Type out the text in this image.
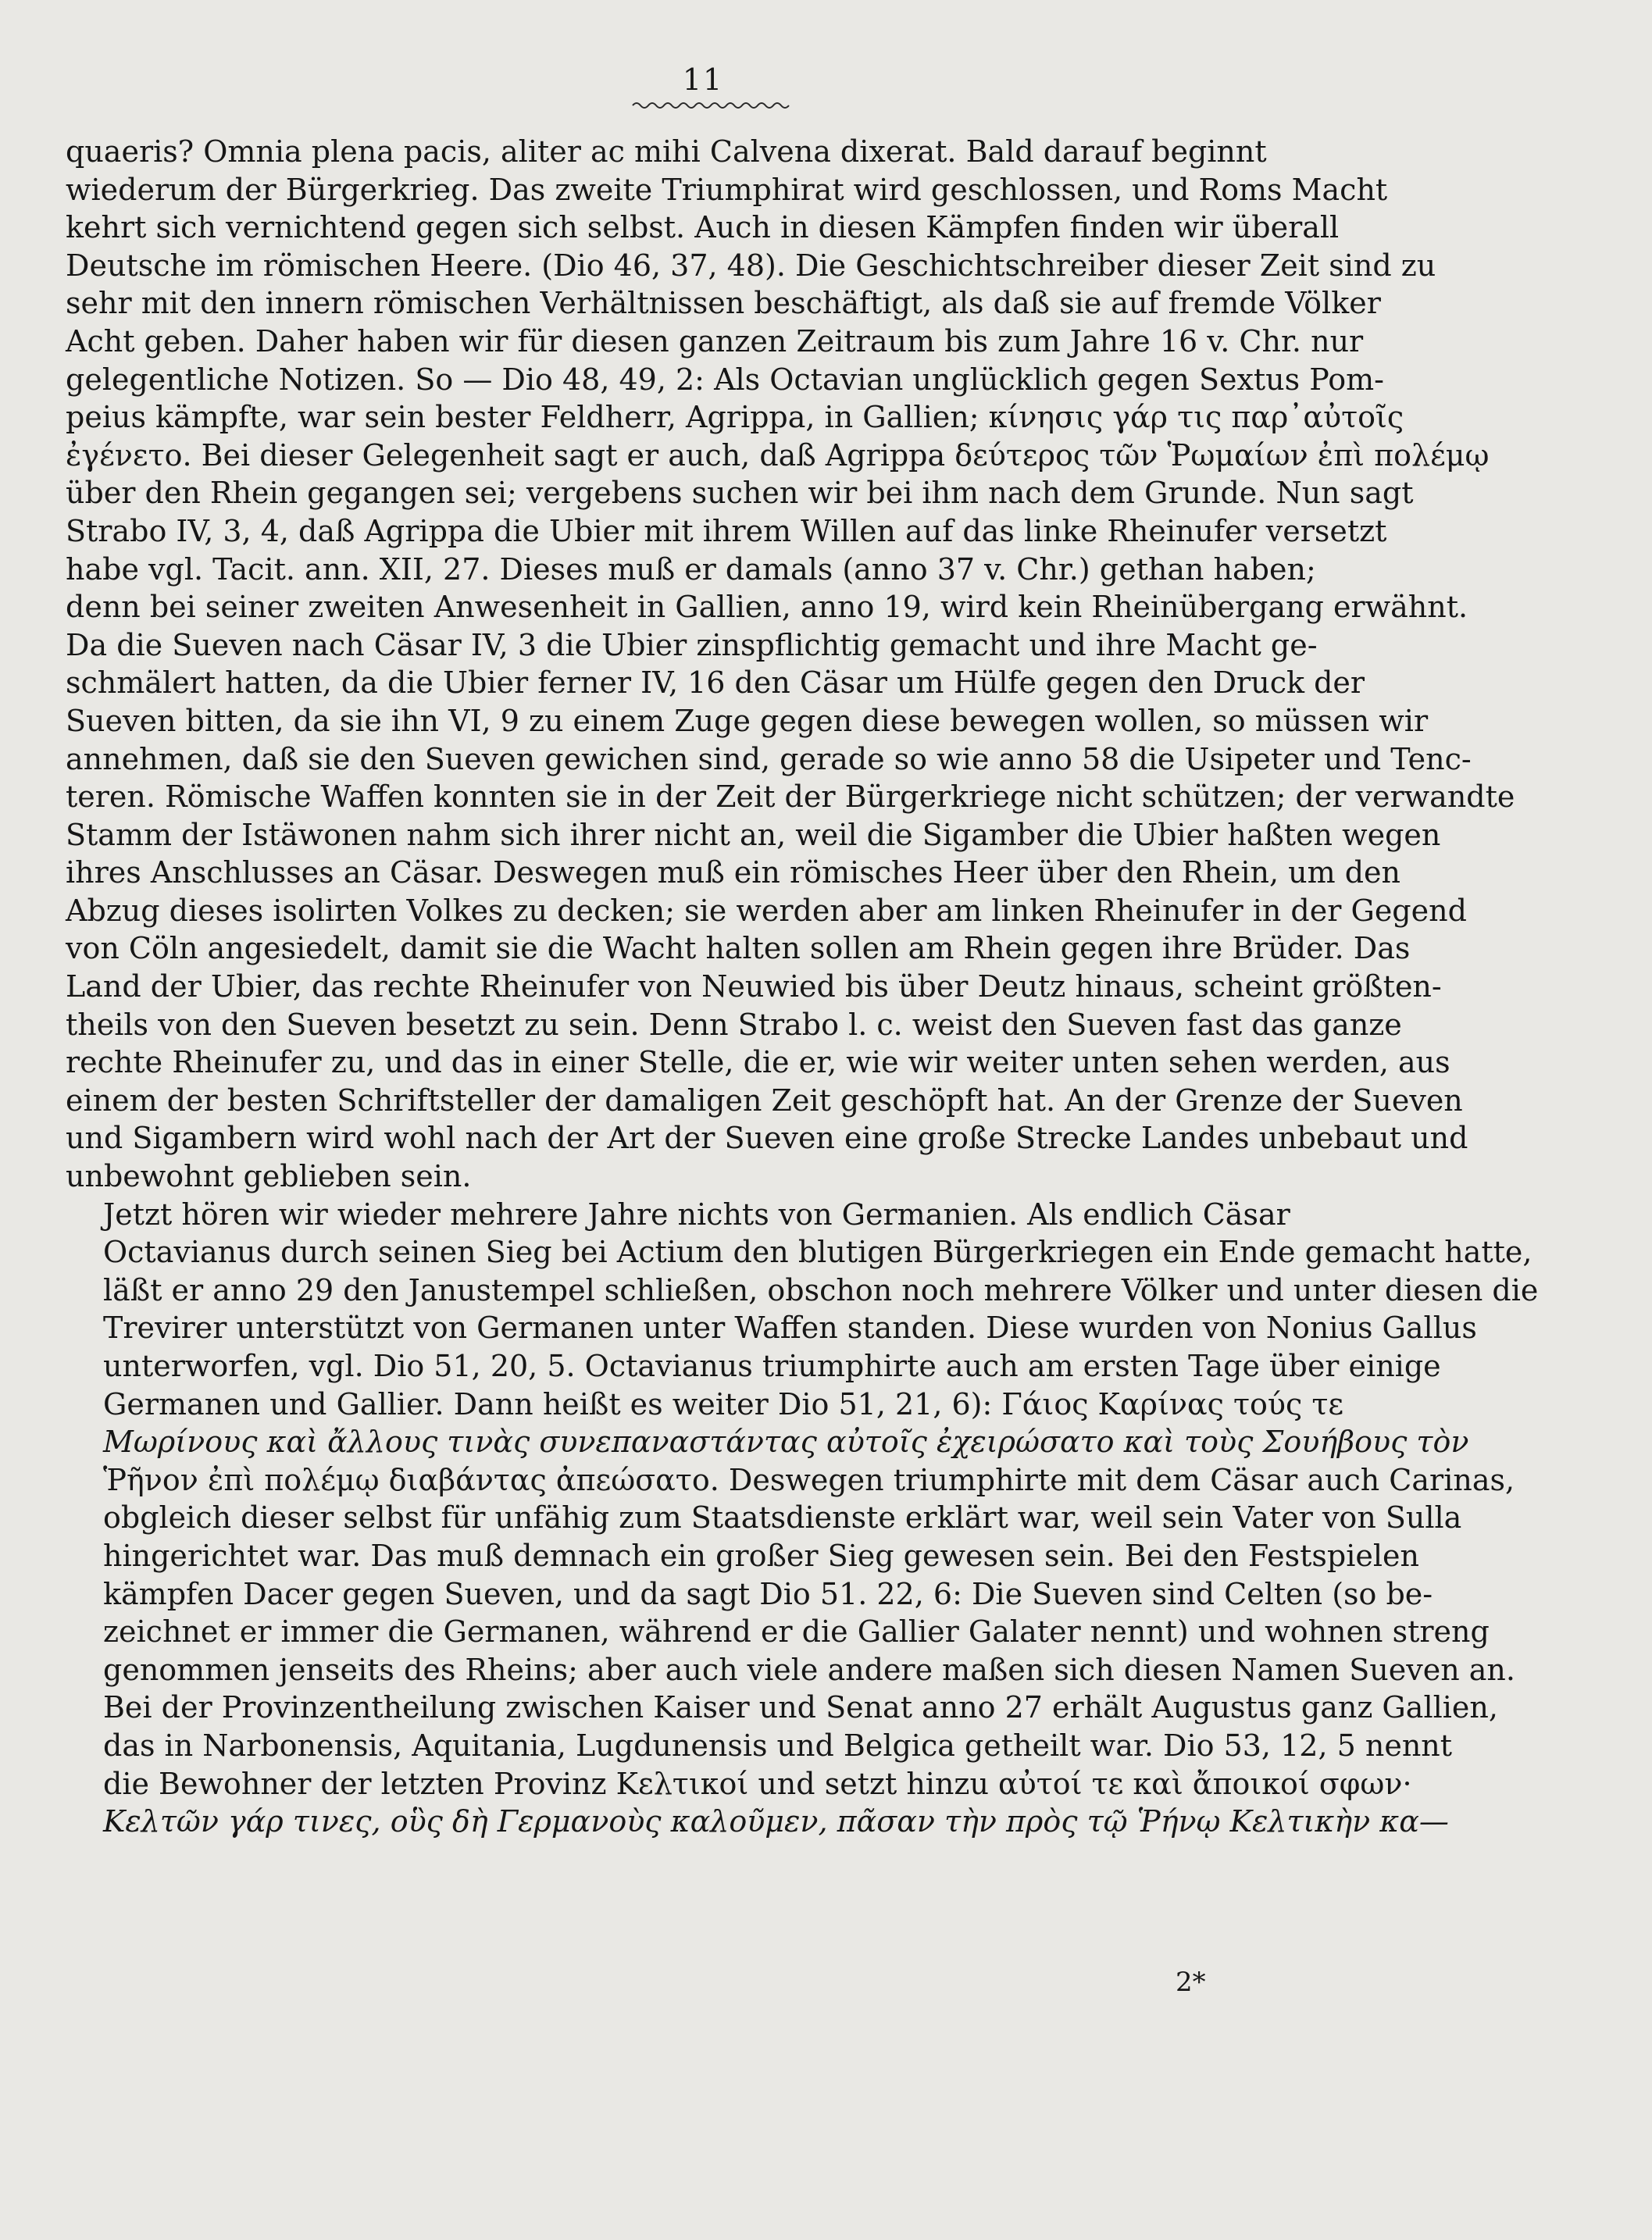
11

quaeris? Omnia plena pacis, aliter ac mihi Calvena dixerat. Bald darauf beginnt
wiederum der Bürgerkrieg. Das zweite Triumphirat wird geschlossen, und Roms Macht
kehrt sich vernichtend gegen sich selbst. Auch in diesen Kämpfen finden wir überall
Deutsche im römischen Heere. (Dio 46, 37, 48). Die Geschichtschreiber dieser Zeit sind zu
sehr mit den innern römischen Verhältnissen beschäftigt, als daß sie auf fremde Völker
Acht geben. Daher haben wir für diesen ganzen Zeitraum bis zum Jahre 16 v. Chr. nur
gelegentliche Notizen. So — Dio 48, 49, 2: Als Octavian unglücklich gegen Sextus Pom-
peius kämpfte, war sein bester Feldherr, Agrippa, in Gallien; κίνησις γάρ τις παρ᾽αὐτοῖς
ἐγένετο. Bei dieser Gelegenheit sagt er auch, daß Agrippa δεύτερος τῶν Ῥωμαίων ἐπὶ πολέμῳ
über den Rhein gegangen sei; vergebens suchen wir bei ihm nach dem Grunde. Nun sagt
Strabo IV, 3, 4, daß Agrippa die Ubier mit ihrem Willen auf das linke Rheinufer versetzt
habe vgl. Tacit. ann. XII, 27. Dieses muß er damals (anno 37 v. Chr.) gethan haben;
denn bei seiner zweiten Anwesenheit in Gallien, anno 19, wird kein Rheinübergang erwähnt.
Da die Sueven nach Cäsar IV, 3 die Ubier zinspflichtig gemacht und ihre Macht ge-
schmälert hatten, da die Ubier ferner IV, 16 den Cäsar um Hülfe gegen den Druck der
Sueven bitten, da sie ihn VI, 9 zu einem Zuge gegen diese bewegen wollen, so müssen wir
annehmen, daß sie den Sueven gewichen sind, gerade so wie anno 58 die Usipeter und Tenc-
teren. Römische Waffen konnten sie in der Zeit der Bürgerkriege nicht schützen; der verwandte
Stamm der Istäwonen nahm sich ihrer nicht an, weil die Sigamber die Ubier haßten wegen
ihres Anschlusses an Cäsar. Deswegen muß ein römisches Heer über den Rhein, um den
Abzug dieses isolirten Volkes zu decken; sie werden aber am linken Rheinufer in der Gegend
von Cöln angesiedelt, damit sie die Wacht halten sollen am Rhein gegen ihre Brüder. Das
Land der Ubier, das rechte Rheinufer von Neuwied bis über Deutz hinaus, scheint größten-
theils von den Sueven besetzt zu sein. Denn Strabo l. c. weist den Sueven fast das ganze
rechte Rheinufer zu, und das in einer Stelle, die er, wie wir weiter unten sehen werden, aus
einem der besten Schriftsteller der damaligen Zeit geschöpft hat. An der Grenze der Sueven
und Sigambern wird wohl nach der Art der Sueven eine große Strecke Landes unbebaut und
unbewohnt geblieben sein.

Jetzt hören wir wieder mehrere Jahre nichts von Germanien. Als endlich Cäsar
Octavianus durch seinen Sieg bei Actium den blutigen Bürgerkriegen ein Ende gemacht hatte,
läßt er anno 29 den Janustempel schließen, obschon noch mehrere Völker und unter diesen die
Trevirer unterstützt von Germanen unter Waffen standen. Diese wurden von Nonius Gallus
unterworfen, vgl. Dio 51, 20, 5. Octavianus triumphirte auch am ersten Tage über einige
Germanen und Gallier. Dann heißt es weiter Dio 51, 21, 6): Γάιος Καρίνας τούς τε
Μωρίνους καὶ ἄλλους τινὰς συνεπαναστάντας αὐτοῖς ἐχειρώσατο καὶ τοὺς Σουήβους τὸν
Ῥῆνον ἐπὶ πολέμῳ διαβάντας ἀπεώσατο. Deswegen triumphirte mit dem Cäsar auch Carinas,
obgleich dieser selbst für unfähig zum Staatsdienste erklärt war, weil sein Vater von Sulla
hingerichtet war. Das muß demnach ein großer Sieg gewesen sein. Bei den Festspielen
kämpfen Dacer gegen Sueven, und da sagt Dio 51. 22, 6: Die Sueven sind Celten (so be-
zeichnet er immer die Germanen, während er die Gallier Galater nennt) und wohnen streng
genommen jenseits des Rheins; aber auch viele andere maßen sich diesen Namen Sueven an.
Bei der Provinzentheilung zwischen Kaiser und Senat anno 27 erhält Augustus ganz Gallien,
das in Narbonensis, Aquitania, Lugdunensis und Belgica getheilt war. Dio 53, 12, 5 nennt
die Bewohner der letzten Provinz Κελτικοί und setzt hinzu αὐτοί τε καὶ ἄποικοί σφων·
Κελτῶν γάρ τινες, οὓς δὴ Γερμανοὺς καλοῦμεν, πᾶσαν τὴν πρὸς τῷ Ῥήνῳ Κελτικὴν κα—

2*
